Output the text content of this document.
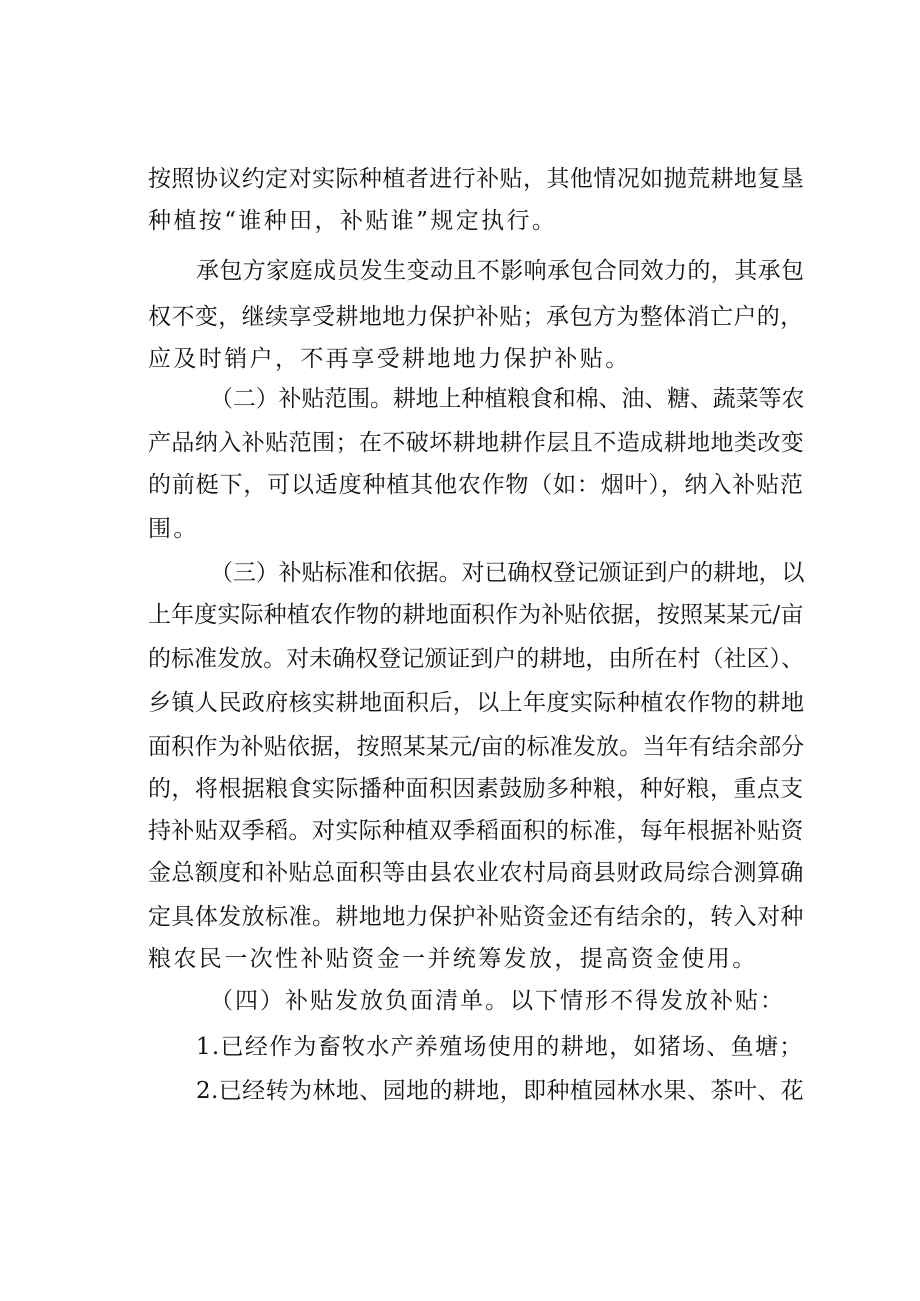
按照协议约定对实际种植者进行补贴，其他情况如抛荒耕地复垦
种植按“谁种田，补贴谁”规定执行。
承包方家庭成员发生变动且不影响承包合同效力的，其承包
权不变，继续享受耕地地力保护补贴；承包方为整体消亡户的，
应及时销户，不再享受耕地地力保护补贴。
（二）补贴范围。耕地上种植粮食和棉、油、糖、蔬菜等农
产品纳入补贴范围；在不破坏耕地耕作层且不造成耕地地类改变
的前梃下，可以适度种植其他农作物（如：烟叶），纳入补贴范
围。
（三）补贴标准和依据。对已确权登记颁证到户的耕地，以
上年度实际种植农作物的耕地面积作为补贴依据，按照某某元/亩
的标准发放。对未确权登记颁证到户的耕地，由所在村（社区）、
乡镇人民政府核实耕地面积后，以上年度实际种植农作物的耕地
面积作为补贴依据，按照某某元/亩的标准发放。当年有结余部分
的，将根据粮食实际播种面积因素鼓励多种粮，种好粮，重点支
持补贴双季稻。对实际种植双季稻面积的标准，每年根据补贴资
金总额度和补贴总面积等由县农业农村局商县财政局综合测算确
定具体发放标准。耕地地力保护补贴资金还有结余的，转入对种
粮农民一次性补贴资金一并统筹发放，提高资金使用。
（四）补贴发放负面清单。以下情形不得发放补贴：
1.已经作为畜牧水产养殖场使用的耕地，如猪场、鱼塘；
2.已经转为林地、园地的耕地，即种植园林水果、茶叶、花
